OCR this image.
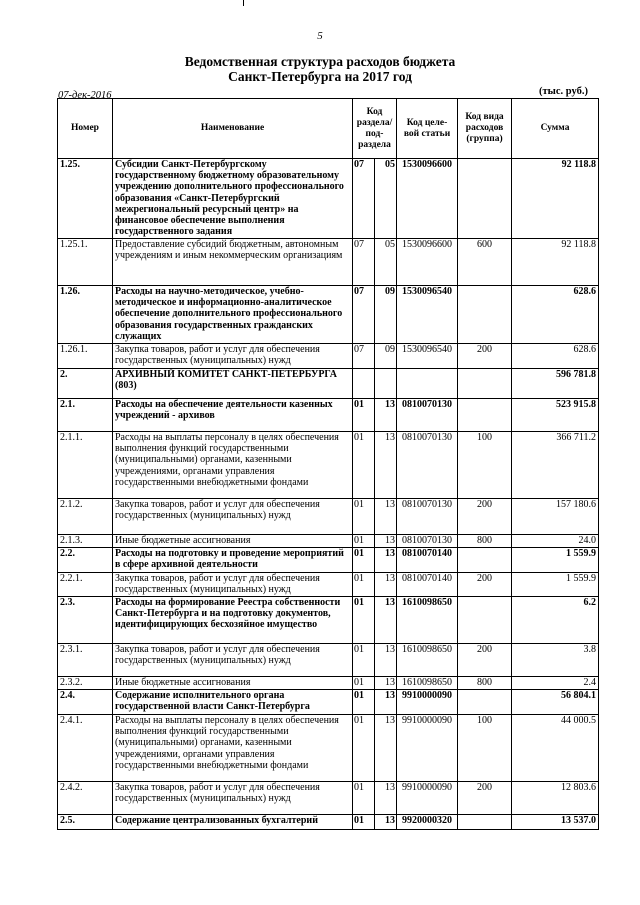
5
Ведомственная структура расходов бюджета
Санкт-Петербурга на 2017 год
07-дек-2016	(тыс. руб.)
Номер	Наименование	Код раздела/ под- раздела		Код целе- вой статьи	Код вида расходов (группа)	Сумма
1.25.	Субсидии Санкт-Петербургскому государственному бюджетному образовательному учреждению дополнительного профессионального образования «Санкт-Петербургский межрегиональный ресурсный центр» на финансовое обеспечение выполнения государственного задания	07	05	1530096600		92 118.8
1.25.1.	Предоставление субсидий бюджетным, автономным учреждениям и иным некоммерческим организациям	07	05	1530096600	600	92 118.8
1.26.	Расходы на научно-методическое, учебно-методическое и информационно-аналитическое обеспечение дополнительного профессионального образования государственных гражданских служащих	07	09	1530096540		628.6
1.26.1.	Закупка товаров, работ и услуг для обеспечения государственных (муниципальных) нужд	07	09	1530096540	200	628.6
2.	АРХИВНЫЙ КОМИТЕТ САНКТ-ПЕТЕРБУРГА (803)					596 781.8
2.1.	Расходы на обеспечение деятельности казенных учреждений - архивов	01	13	0810070130		523 915.8
2.1.1.	Расходы на выплаты персоналу в целях обеспечения выполнения функций государственными (муниципальными) органами, казенными учреждениями, органами управления государственными внебюджетными фондами	01	13	0810070130	100	366 711.2
2.1.2.	Закупка товаров, работ и услуг для обеспечения государственных (муниципальных) нужд	01	13	0810070130	200	157 180.6
2.1.3.	Иные бюджетные ассигнования	01	13	0810070130	800	24.0
2.2.	Расходы на подготовку и проведение мероприятий в сфере архивной деятельности	01	13	0810070140		1 559.9
2.2.1.	Закупка товаров, работ и услуг для обеспечения государственных (муниципальных) нужд	01	13	0810070140	200	1 559.9
2.3.	Расходы на формирование Реестра собственности Санкт-Петербурга и на подготовку документов, идентифицирующих бесхозяйное имущество	01	13	1610098650		6.2
2.3.1.	Закупка товаров, работ и услуг для обеспечения государственных (муниципальных) нужд	01	13	1610098650	200	3.8
2.3.2.	Иные бюджетные ассигнования	01	13	1610098650	800	2.4
2.4.	Содержание исполнительного органа государственной власти Санкт-Петербурга	01	13	9910000090		56 804.1
2.4.1.	Расходы на выплаты персоналу в целях обеспечения выполнения функций государственными (муниципальными) органами, казенными учреждениями, органами управления государственными внебюджетными фондами	01	13	9910000090	100	44 000.5
2.4.2.	Закупка товаров, работ и услуг для обеспечения государственных (муниципальных) нужд	01	13	9910000090	200	12 803.6
2.5.	Содержание централизованных бухгалтерий	01	13	9920000320		13 537.0
